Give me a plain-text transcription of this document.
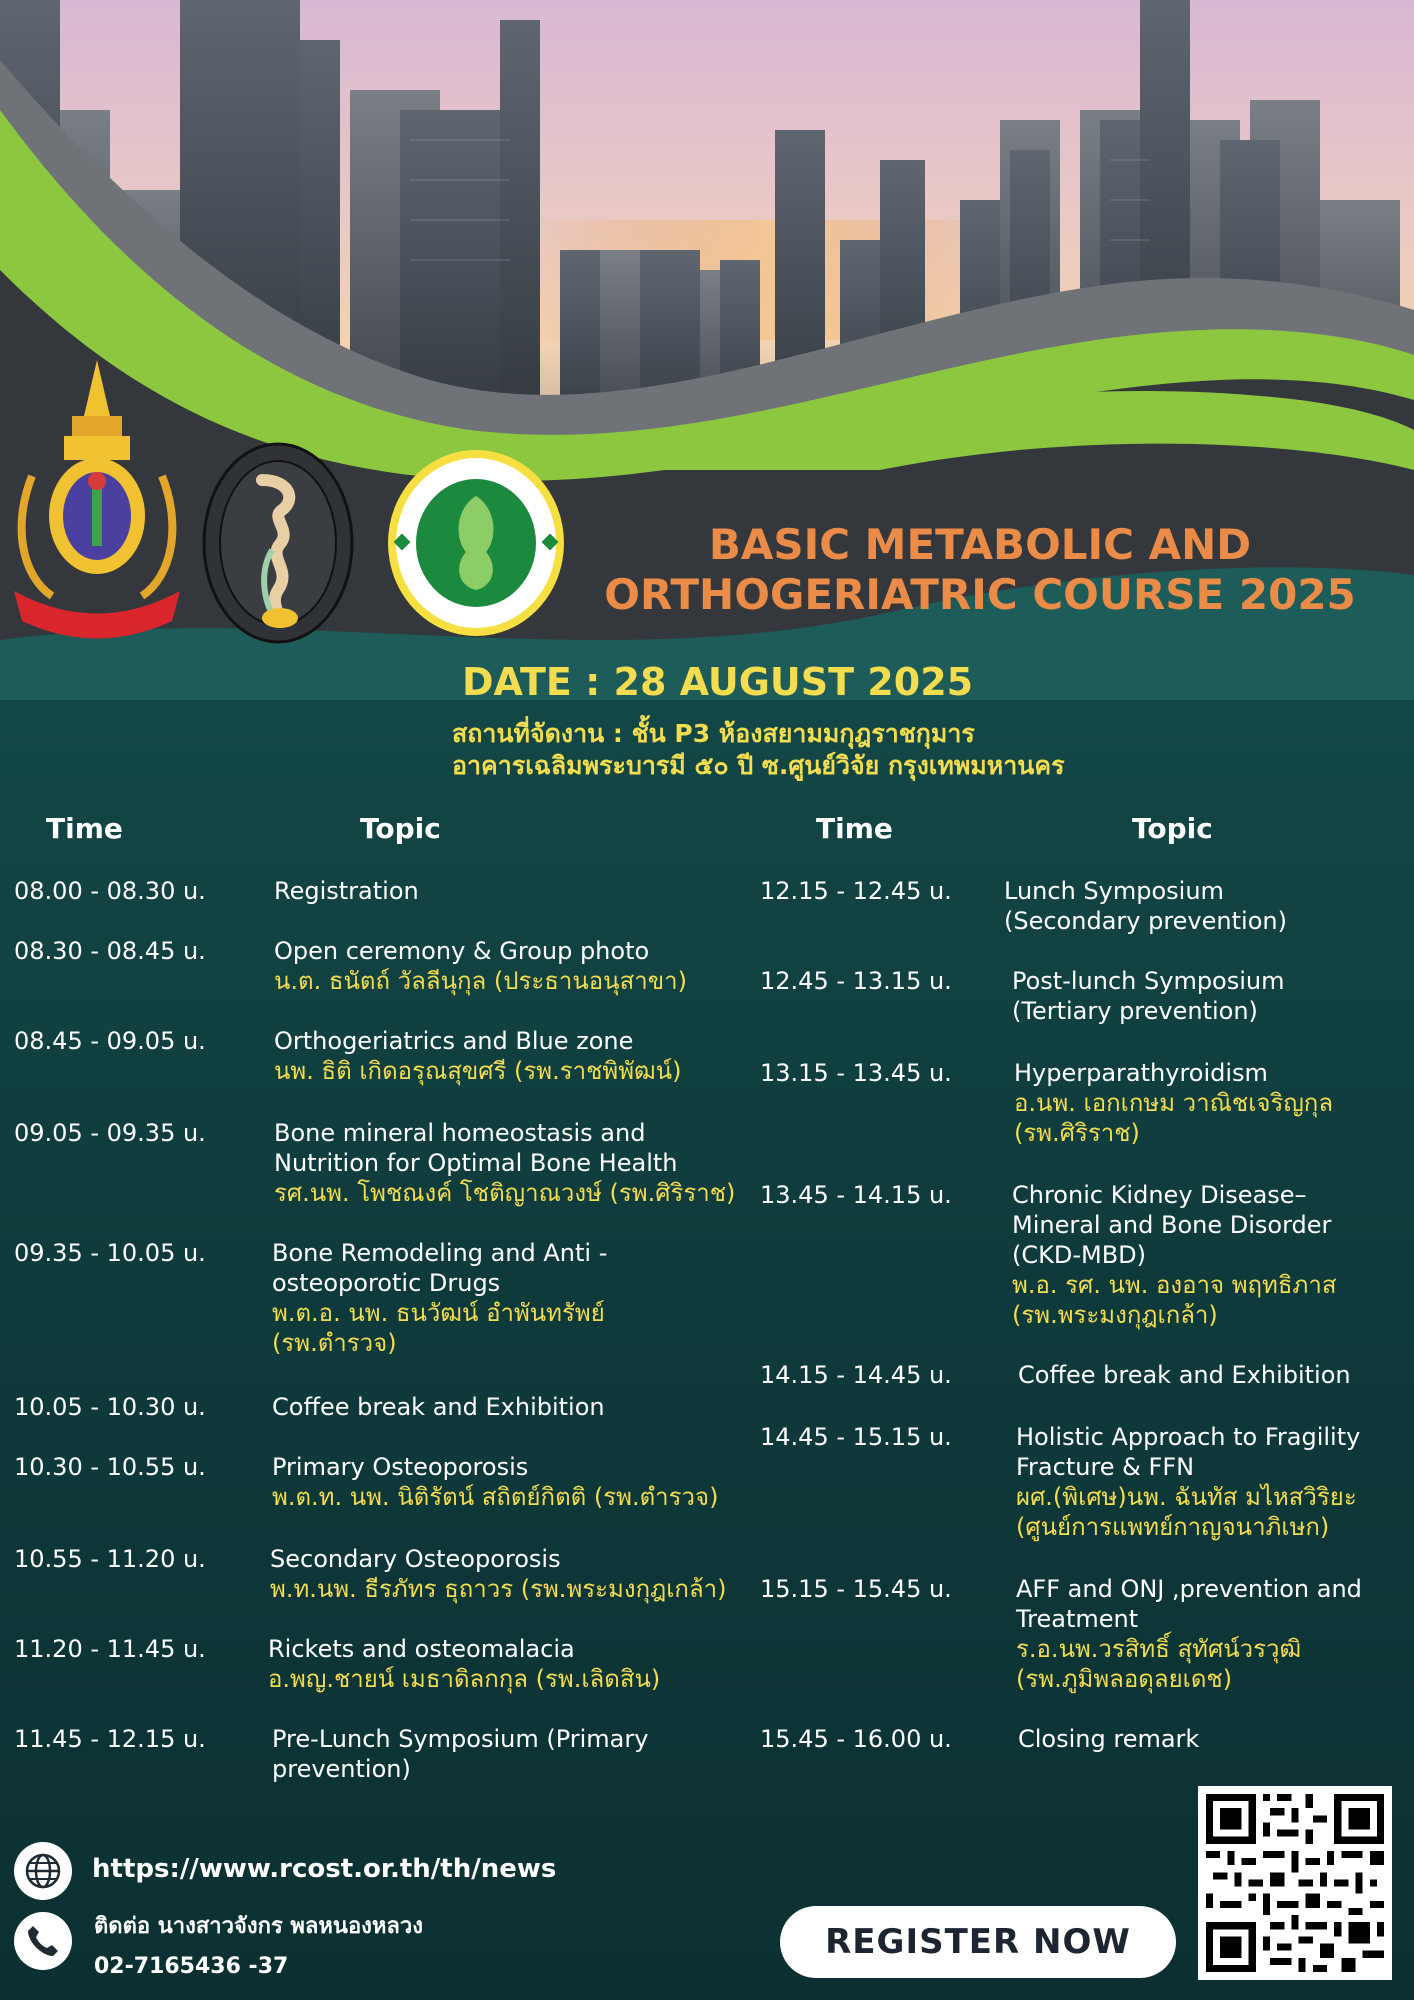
BASIC METABOLIC AND
ORTHOGERIATRIC COURSE 2025
DATE : 28 AUGUST 2025
สถานที่จัดงาน : ชั้น P3 ห้องสยามมกุฎราชกุมาร
อาคารเฉลิมพระบารมี ๕๐ ปี ซ.ศูนย์วิจัย กรุงเทพมหานคร
Time	Topic	Time	Topic
08.00 - 08.30 u.	Registration
08.30 - 08.45 u.	Open ceremony & Group photo
น.ต. ธนัตถ์ วัลลีนุกุล (ประธานอนุสาขา)
08.45 - 09.05 u.	Orthogeriatrics and Blue zone
นพ. ธิติ เกิดอรุณสุขศรี (รพ.ราชพิพัฒน์)
09.05 - 09.35 u.	Bone mineral homeostasis and
Nutrition for Optimal Bone Health
รศ.นพ. โพชณงค์ โชติญาณวงษ์ (รพ.ศิริราช)
09.35 - 10.05 u.	Bone Remodeling and Anti -
osteoporotic Drugs
พ.ต.อ. นพ. ธนวัฒน์ อำพันทรัพย์
(รพ.ตำรวจ)
10.05 - 10.30 u.	Coffee break and Exhibition
10.30 - 10.55 u.	Primary Osteoporosis
พ.ต.ท. นพ. นิติรัตน์ สถิตย์กิตติ (รพ.ตำรวจ)
10.55 - 11.20 u.	Secondary Osteoporosis
พ.ท.นพ. ธีรภัทร ธุถาวร (รพ.พระมงกุฎเกล้า)
11.20 - 11.45 u.	Rickets and osteomalacia
อ.พญ.ชายน์ เมธาดิลกกุล (รพ.เลิดสิน)
11.45 - 12.15 u.	Pre-Lunch Symposium (Primary
prevention)
12.15 - 12.45 u. Lunch Symposium
(Secondary prevention)
12.45 - 13.15 u.	Post-lunch Symposium
(Tertiary prevention)
13.15 - 13.45 u.	Hyperparathyroidism
อ.นพ. เอกเกษม วาณิชเจริญกุล
(รพ.ศิริราช)
13.45 - 14.15 u.	Chronic Kidney Disease–
Mineral and Bone Disorder
(CKD-MBD)
พ.อ. รศ. นพ. องอาจ พฤทธิภาส
(รพ.พระมงกุฎเกล้า)
14.15 - 14.45 u.	Coffee break and Exhibition
14.45 - 15.15 u.	Holistic Approach to Fragility
Fracture & FFN
ผศ.(พิเศษ)นพ. ฉันทัส มไหสวิริยะ
(ศูนย์การแพทย์กาญจนาภิเษก)
15.15 - 15.45 u.	AFF and ONJ ,prevention and
Treatment
ร.อ.นพ.วรสิทธิ์ สุทัศน์วรวุฒิ
(รพ.ภูมิพลอดุลยเดช)
15.45 - 16.00 u.	Closing remark
https://www.rcost.or.th/th/news
ติดต่อ นางสาวจังกร พลหนองหลวง
02-7165436 -37
REGISTER NOW
